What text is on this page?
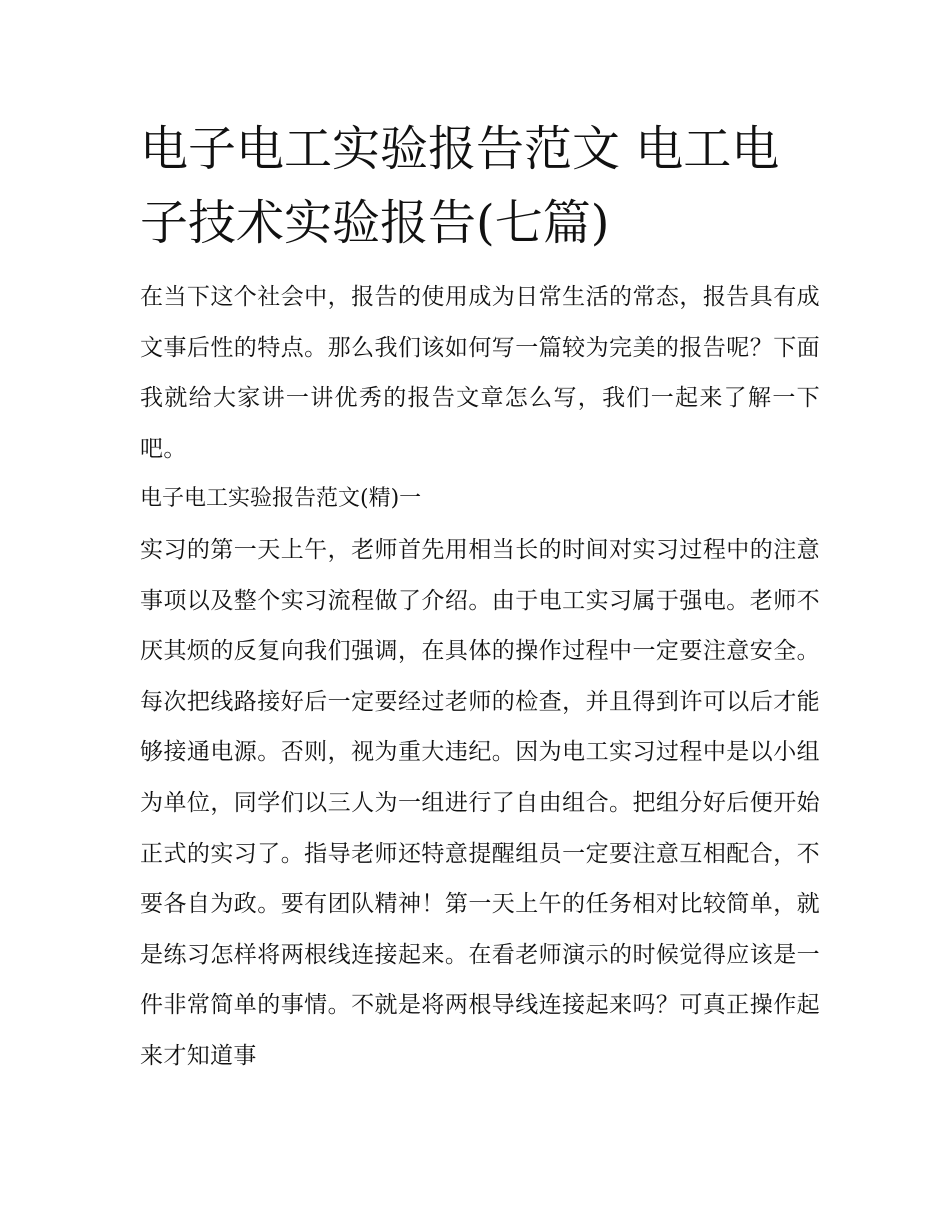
电子电工实验报告范文 电工电子技术实验报告(七篇)

在当下这个社会中，报告的使用成为日常生活的常态，报告具有成文事后性的特点。那么我们该如何写一篇较为完美的报告呢？下面我就给大家讲一讲优秀的报告文章怎么写，我们一起来了解一下吧。

电子电工实验报告范文(精)一

实习的第一天上午，老师首先用相当长的时间对实习过程中的注意事项以及整个实习流程做了介绍。由于电工实习属于强电。老师不厌其烦的反复向我们强调，在具体的操作过程中一定要注意安全。每次把线路接好后一定要经过老师的检查，并且得到许可以后才能够接通电源。否则，视为重大违纪。因为电工实习过程中是以小组为单位，同学们以三人为一组进行了自由组合。把组分好后便开始正式的实习了。指导老师还特意提醒组员一定要注意互相配合，不要各自为政。要有团队精神！第一天上午的任务相对比较简单，就是练习怎样将两根线连接起来。在看老师演示的时候觉得应该是一件非常简单的事情。不就是将两根导线连接起来吗？可真正操作起来才知道事
